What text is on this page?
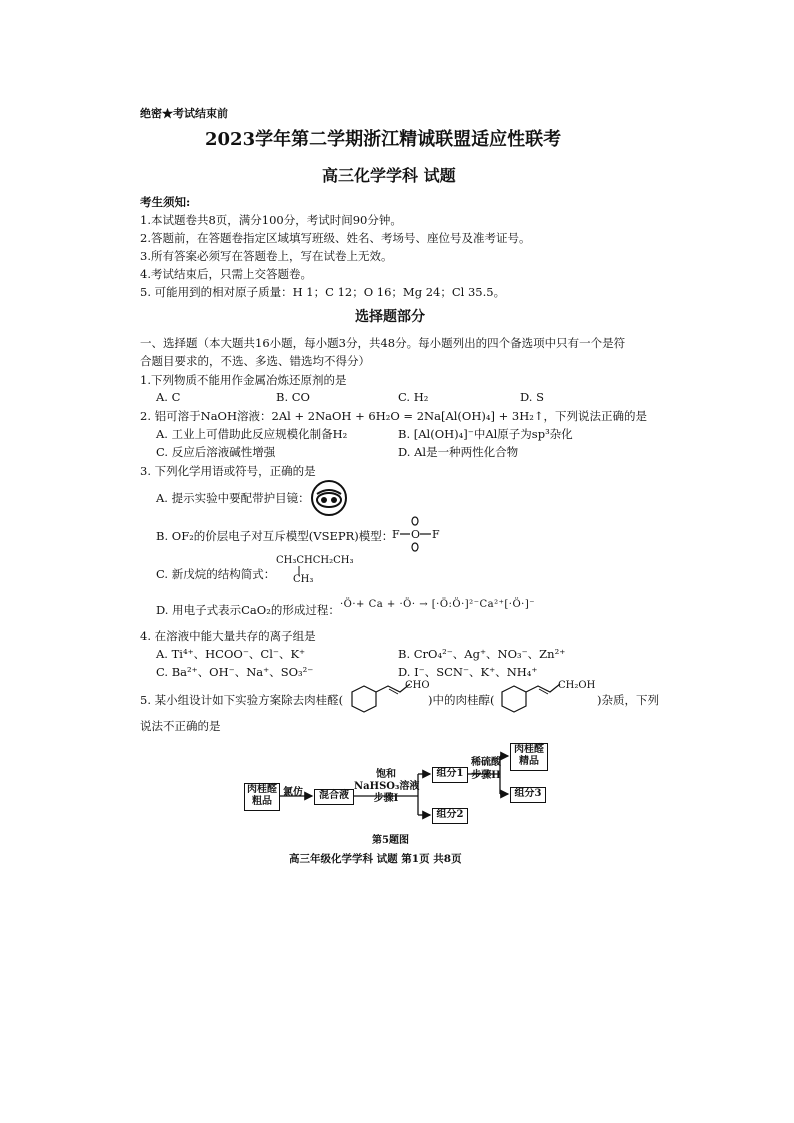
绝密★考试结束前
2023学年第二学期浙江精诚联盟适应性联考
高三化学学科 试题
考生须知:
1.本试题卷共8页，满分100分，考试时间90分钟。
2.答题前，在答题卷指定区域填写班级、姓名、考场号、座位号及准考证号。
3.所有答案必须写在答题卷上，写在试卷上无效。
4.考试结束后，只需上交答题卷。
5. 可能用到的相对原子质量：H 1；C 12；O 16；Mg 24；Cl 35.5。
选择题部分
一、选择题（本大题共16小题，每小题3分，共48分。每小题列出的四个备选项中只有一个是符
合题目要求的，不选、多选、错选均不得分）
1.下列物质不能用作金属冶炼还原剂的是
A. C	B. CO	C. H₂	D. S
2. 铝可溶于NaOH溶液：2Al + 2NaOH + 6H₂O = 2Na[Al(OH)₄] + 3H₂↑，下列说法正确的是
A. 工业上可借助此反应规模化制备H₂	B. [Al(OH)₄]⁻中Al原子为sp³杂化
C. 反应后溶液碱性增强	D. Al是一种两性化合物
3. 下列化学用语或符号，正确的是
A. 提示实验中要配带护目镜：
B. OF₂的价层电子对互斥模型(VSEPR)模型：
F O F
C. 新戊烷的结构简式：
CH₃CHCH₂CH₃
CH₃
D. 用电子式表示CaO₂的形成过程： ·Ö·+ Ca + ·Ö· → [·Ö:Ö·]²⁻Ca²⁺[·Ö·]⁻
4. 在溶液中能大量共存的离子组是
A. Ti⁴⁺、HCOO⁻、Cl⁻、K⁺	B. CrO₄²⁻、Ag⁺、NO₃⁻、Zn²⁺
C. Ba²⁺、OH⁻、Na⁺、SO₃²⁻	D. I⁻、SCN⁻、K⁺、NH₄⁺
5. 某小组设计如下实验方案除去肉桂醛(
CHO
)中的肉桂醇(
CH₂OH
)杂质，下列
说法不正确的是
肉桂醛
粗品
氯仿	混合液
饱和
NaHSO₃溶液
步骤I
组分1
组分2
稀硫酸
步骤II
肉桂醛
精品
组分3
第5题图
高三年级化学学科 试题 第1页 共8页
